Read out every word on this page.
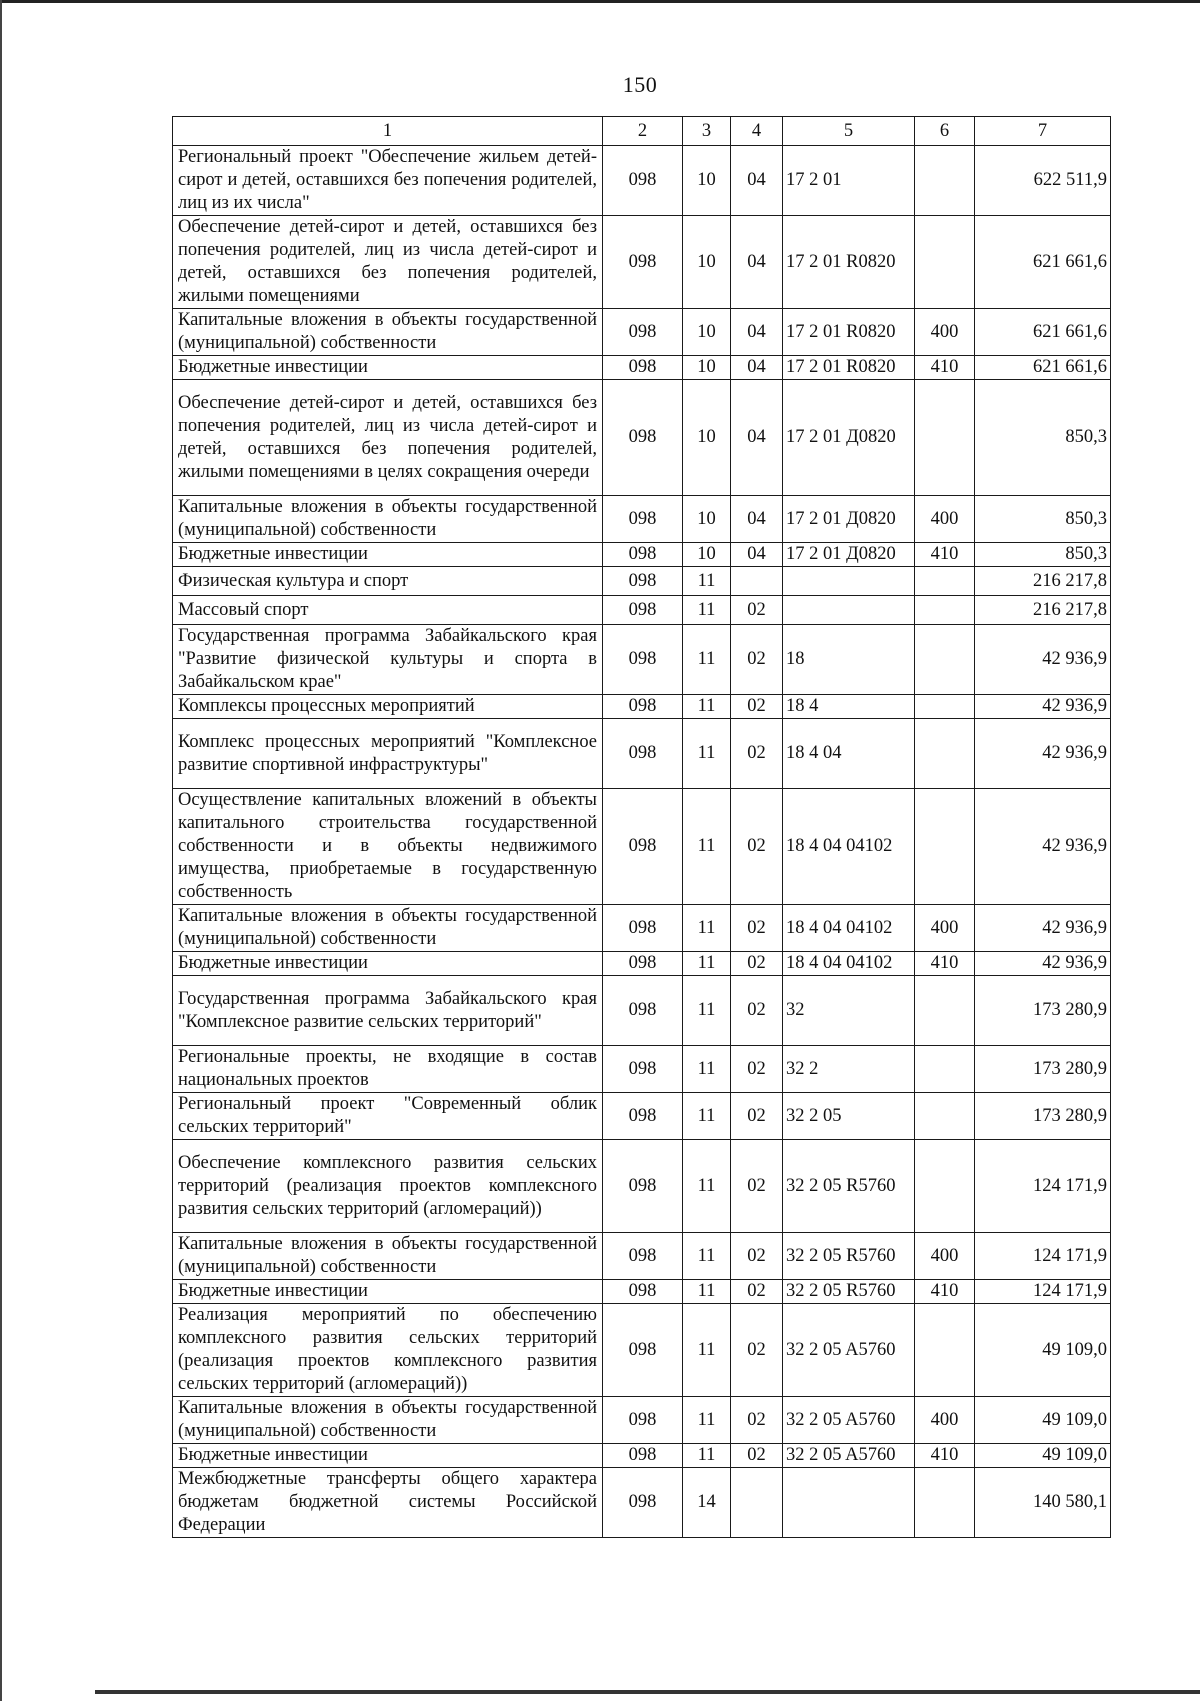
150
1	2	3	4	5	6	7
Региональный проект "Обеспечение жильем детей-сирот и детей, оставшихся без попечения родителей, лиц из их числа"	098	10	04	17 2 01		622 511,9
Обеспечение детей-сирот и детей, оставшихся без попечения родителей, лиц из числа детей-сирот и детей, оставшихся без попечения родителей, жилыми помещениями	098	10	04	17 2 01 R0820		621 661,6
Капитальные вложения в объекты государственной (муниципальной) собственности	098	10	04	17 2 01 R0820	400	621 661,6
Бюджетные инвестиции	098	10	04	17 2 01 R0820	410	621 661,6
Обеспечение детей-сирот и детей, оставшихся без попечения родителей, лиц из числа детей-сирот и детей, оставшихся без попечения родителей, жилыми помещениями в целях сокращения очереди	098	10	04	17 2 01 Д0820		850,3
Капитальные вложения в объекты государственной (муниципальной) собственности	098	10	04	17 2 01 Д0820	400	850,3
Бюджетные инвестиции	098	10	04	17 2 01 Д0820	410	850,3
Физическая культура и спорт	098	11				216 217,8
Массовый спорт	098	11	02			216 217,8
Государственная программа Забайкальского края "Развитие физической культуры и спорта в Забайкальском крае"	098	11	02	18		42 936,9
Комплексы процессных мероприятий	098	11	02	18 4		42 936,9
Комплекс процессных мероприятий "Комплексное развитие спортивной инфраструктуры"	098	11	02	18 4 04		42 936,9
Осуществление капитальных вложений в объекты капитального строительства государственной собственности и в объекты недвижимого имущества, приобретаемые в государственную собственность	098	11	02	18 4 04 04102		42 936,9
Капитальные вложения в объекты государственной (муниципальной) собственности	098	11	02	18 4 04 04102	400	42 936,9
Бюджетные инвестиции	098	11	02	18 4 04 04102	410	42 936,9
Государственная программа Забайкальского края "Комплексное развитие сельских территорий"	098	11	02	32		173 280,9
Региональные проекты, не входящие в состав национальных проектов	098	11	02	32 2		173 280,9
Региональный проект "Современный облик сельских территорий"	098	11	02	32 2 05		173 280,9
Обеспечение комплексного развития сельских территорий (реализация проектов комплексного развития сельских территорий (агломераций))	098	11	02	32 2 05 R5760		124 171,9
Капитальные вложения в объекты государственной (муниципальной) собственности	098	11	02	32 2 05 R5760	400	124 171,9
Бюджетные инвестиции	098	11	02	32 2 05 R5760	410	124 171,9
Реализация мероприятий по обеспечению комплексного развития сельских территорий (реализация проектов комплексного развития сельских территорий (агломераций))	098	11	02	32 2 05 A5760		49 109,0
Капитальные вложения в объекты государственной (муниципальной) собственности	098	11	02	32 2 05 A5760	400	49 109,0
Бюджетные инвестиции	098	11	02	32 2 05 A5760	410	49 109,0
Межбюджетные трансферты общего характера бюджетам бюджетной системы Российской Федерации	098	14				140 580,1
